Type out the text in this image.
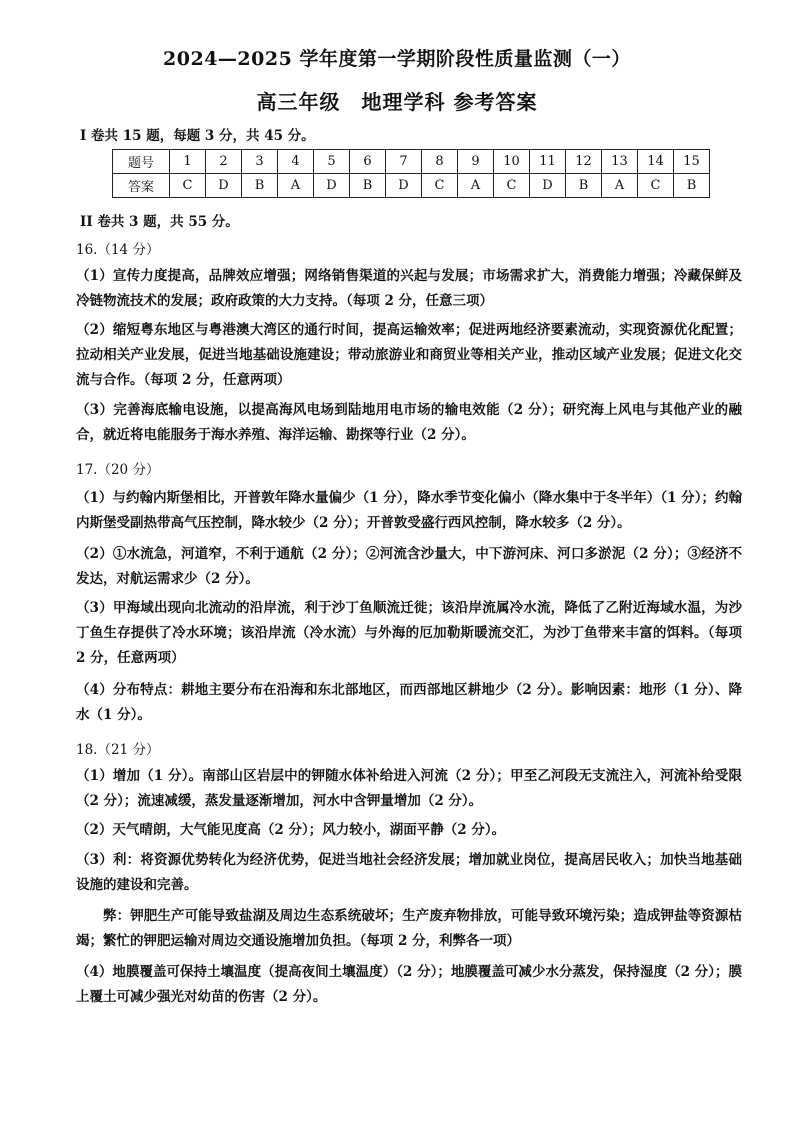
2024—2025 学年度第一学期阶段性质量监测（一）
高三年级　地理学科 参考答案
I 卷共 15 题，每题 3 分，共 45 分。
题号	1	2	3	4	5	6	7	8	9	10	11	12	13	14	15
答案	C	D	B	A	D	B	D	C	A	C	D	B	A	C	B
II 卷共 3 题，共 55 分。
16.（14 分）
（1）宣传力度提高，品牌效应增强；网络销售渠道的兴起与发展；市场需求扩大，消费能力增强；冷藏保鲜及冷链物流技术的发展；政府政策的大力支持。（每项 2 分，任意三项）
（2）缩短粤东地区与粤港澳大湾区的通行时间，提高运输效率；促进两地经济要素流动，实现资源优化配置；拉动相关产业发展，促进当地基础设施建设；带动旅游业和商贸业等相关产业，推动区域产业发展；促进文化交流与合作。（每项 2 分，任意两项）
（3）完善海底输电设施，以提高海风电场到陆地用电市场的输电效能（2 分）；研究海上风电与其他产业的融合，就近将电能服务于海水养殖、海洋运输、勘探等行业（2 分）。
17.（20 分）
（1）与约翰内斯堡相比，开普敦年降水量偏少（1 分），降水季节变化偏小（降水集中于冬半年）（1 分）；约翰内斯堡受副热带高气压控制，降水较少（2 分）；开普敦受盛行西风控制，降水较多（2 分）。
（2）①水流急，河道窄，不利于通航（2 分）；②河流含沙量大，中下游河床、河口多淤泥（2 分）；③经济不发达，对航运需求少（2 分）。
（3）甲海域出现向北流动的沿岸流，利于沙丁鱼顺流迁徙；该沿岸流属冷水流，降低了乙附近海域水温，为沙丁鱼生存提供了冷水环境；该沿岸流（冷水流）与外海的厄加勒斯暖流交汇，为沙丁鱼带来丰富的饵料。（每项 2 分，任意两项）
（4）分布特点：耕地主要分布在沿海和东北部地区，而西部地区耕地少（2 分）。影响因素：地形（1 分）、降水（1 分）。
18.（21 分）
（1）增加（1 分）。南部山区岩层中的钾随水体补给进入河流（2 分）；甲至乙河段无支流注入，河流补给受限（2 分）；流速减缓，蒸发量逐渐增加，河水中含钾量增加（2 分）。
（2）天气晴朗，大气能见度高（2 分）；风力较小，湖面平静（2 分）。
（3）利：将资源优势转化为经济优势，促进当地社会经济发展；增加就业岗位，提高居民收入；加快当地基础设施的建设和完善。
弊：钾肥生产可能导致盐湖及周边生态系统破坏；生产废弃物排放，可能导致环境污染；造成钾盐等资源枯竭；繁忙的钾肥运输对周边交通设施增加负担。（每项 2 分，利弊各一项）
（4）地膜覆盖可保持土壤温度（提高夜间土壤温度）（2 分）；地膜覆盖可减少水分蒸发，保持湿度（2 分）；膜上覆土可减少强光对幼苗的伤害（2 分）。
